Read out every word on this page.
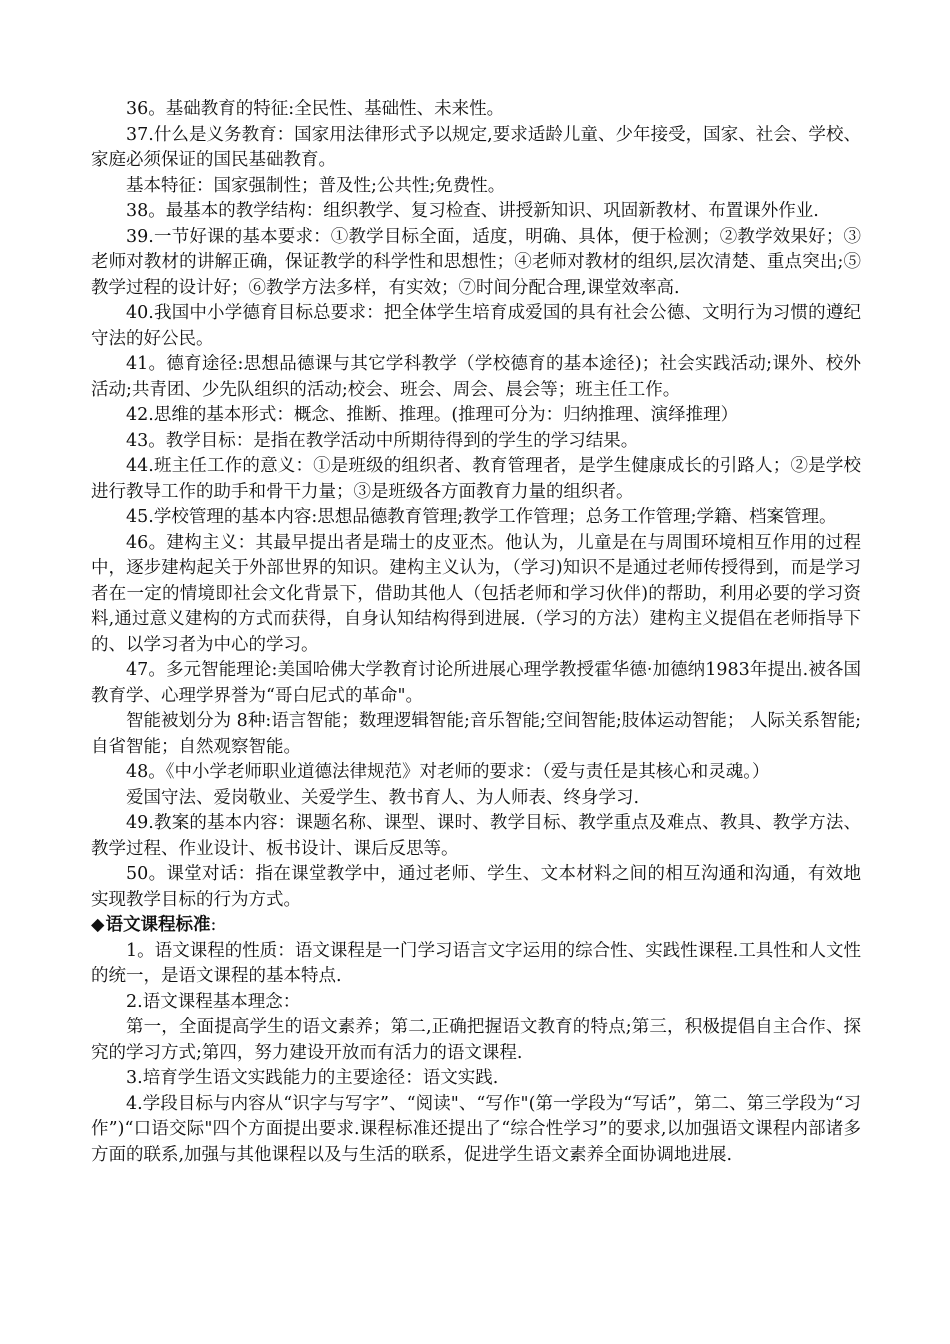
36。基础教育的特征:全民性、基础性、未来性。

37.什么是义务教育：国家用法律形式予以规定,要求适龄儿童、少年接受，国家、社会、学校、家庭必须保证的国民基础教育。

基本特征：国家强制性；普及性;公共性;免费性。

38。最基本的教学结构：组织教学、复习检查、讲授新知识、巩固新教材、布置课外作业.

39.一节好课的基本要求：①教学目标全面，适度，明确、具体，便于检测；②教学效果好；③老师对教材的讲解正确，保证教学的科学性和思想性；④老师对教材的组织,层次清楚、重点突出;⑤ 教学过程的设计好；⑥教学方法多样，有实效；⑦时间分配合理,课堂效率高.

40.我国中小学德育目标总要求：把全体学生培育成爱国的具有社会公德、文明行为习惯的遵纪守法的好公民。

41。德育途径:思想品德课与其它学科教学（学校德育的基本途径)；社会实践活动;课外、校外活动;共青团、少先队组织的活动;校会、班会、周会、晨会等；班主任工作。

42.思维的基本形式：概念、推断、推理。(推理可分为：归纳推理、演绎推理）

43。教学目标：是指在教学活动中所期待得到的学生的学习结果。

44.班主任工作的意义：①是班级的组织者、教育管理者，是学生健康成长的引路人；②是学校进行教导工作的助手和骨干力量；③是班级各方面教育力量的组织者。

45.学校管理的基本内容:思想品德教育管理;教学工作管理；总务工作管理;学籍、档案管理。

46。建构主义：其最早提出者是瑞士的皮亚杰。他认为，儿童是在与周围环境相互作用的过程中，逐步建构起关于外部世界的知识。建构主义认为，（学习)知识不是通过老师传授得到，而是学习者在一定的情境即社会文化背景下，借助其他人（包括老师和学习伙伴)的帮助，利用必要的学习资料,通过意义建构的方式而获得，自身认知结构得到进展.（学习的方法）建构主义提倡在老师指导下的、以学习者为中心的学习。

47。多元智能理论:美国哈佛大学教育讨论所进展心理学教授霍华德·加德纳1983年提出.被各国教育学、心理学界誉为“哥白尼式的革命"。

智能被划分为 8种:语言智能；数理逻辑智能;音乐智能;空间智能;肢体运动智能； 人际关系智能;自省智能；自然观察智能。

48。《中小学老师职业道德法律规范》对老师的要求：（爱与责任是其核心和灵魂。）

爱国守法、爱岗敬业、关爱学生、教书育人、为人师表、终身学习.

49.教案的基本内容：课题名称、课型、课时、教学目标、教学重点及难点、教具、教学方法、教学过程、作业设计、板书设计、课后反思等。

50。课堂对话：指在课堂教学中，通过老师、学生、文本材料之间的相互沟通和沟通，有效地实现教学目标的行为方式。

◆语文课程标准:

1。语文课程的性质：语文课程是一门学习语言文字运用的综合性、实践性课程.工具性和人文性的统一，是语文课程的基本特点.

2.语文课程基本理念：

第一，全面提高学生的语文素养；第二,正确把握语文教育的特点;第三，积极提倡自主合作、探究的学习方式;第四，努力建设开放而有活力的语文课程.

3.培育学生语文实践能力的主要途径：语文实践.

4.学段目标与内容从“识字与写字”、“阅读"、“写作"(第一学段为“写话”，第二、第三学段为“习作”)“口语交际"四个方面提出要求.课程标准还提出了“综合性学习”的要求,以加强语文课程内部诸多方面的联系,加强与其他课程以及与生活的联系，促进学生语文素养全面协调地进展.
